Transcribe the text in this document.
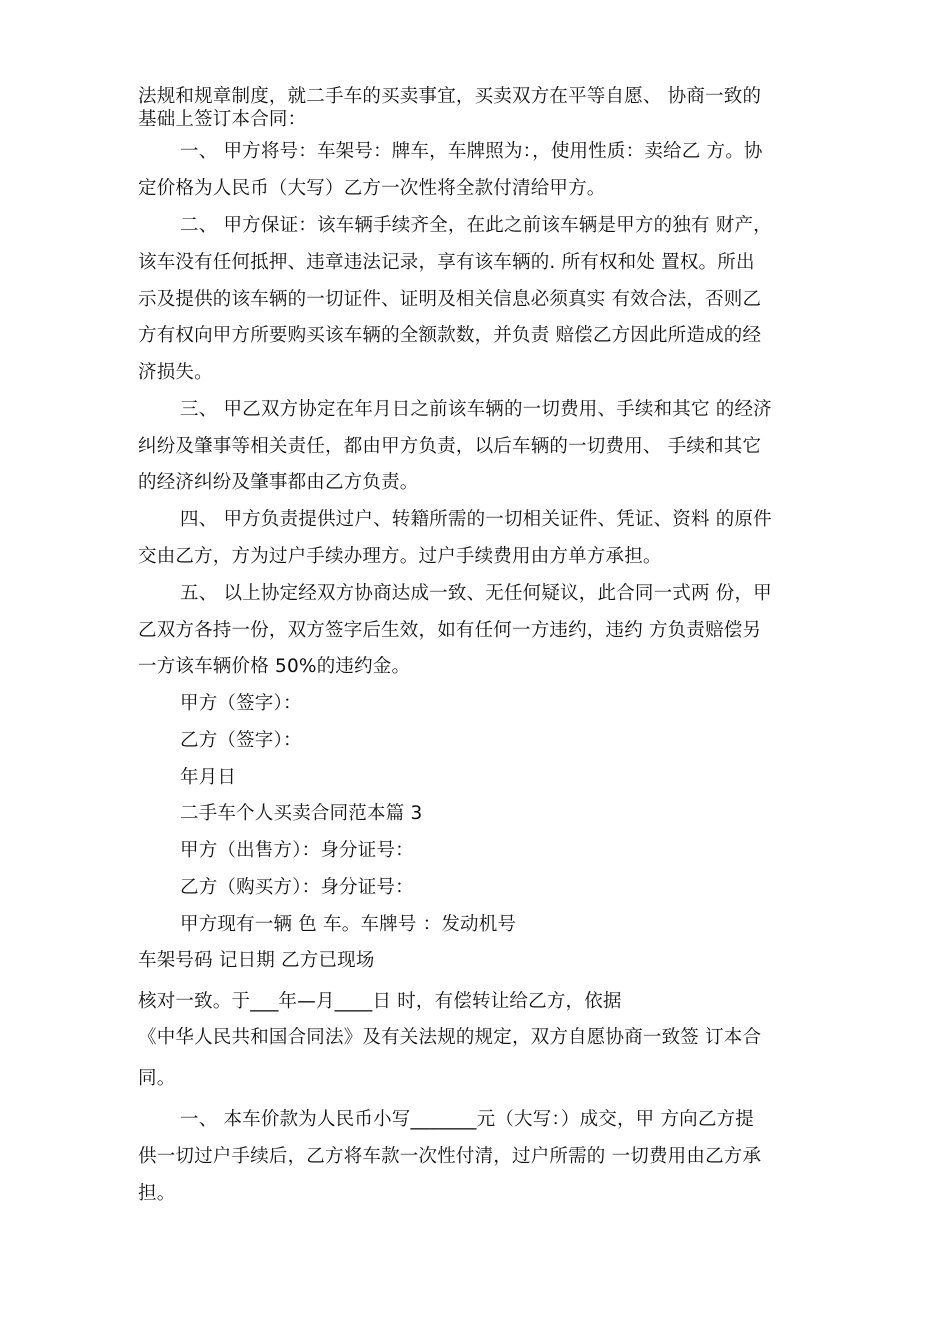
法规和规章制度，就二手车的买卖事宜，买卖双方在平等自愿、 协商一致的
基础上签订本合同：
一、 甲方将号：车架号：牌车，车牌照为：，使用性质：卖给乙 方。协
定价格为人民币（大写）乙方一次性将全款付清给甲方。
二、 甲方保证：该车辆手续齐全，在此之前该车辆是甲方的独有 财产，
该车没有任何抵押、违章违法记录，享有该车辆的. 所有权和处 置权。所出
示及提供的该车辆的一切证件、证明及相关信息必须真实 有效合法，否则乙
方有权向甲方所要购买该车辆的全额款数，并负责 赔偿乙方因此所造成的经
济损失。
三、 甲乙双方协定在年月日之前该车辆的一切费用、手续和其它 的经济
纠纷及肇事等相关责任，都由甲方负责，以后车辆的一切费用、 手续和其它
的经济纠纷及肇事都由乙方负责。
四、 甲方负责提供过户、转籍所需的一切相关证件、凭证、资料 的原件
交由乙方，方为过户手续办理方。过户手续费用由方单方承担。
五、 以上协定经双方协商达成一致、无任何疑议，此合同一式两 份，甲
乙双方各持一份，双方签字后生效，如有任何一方违约，违约 方负责赔偿另
一方该车辆价格 50%的违约金。
甲方（签字）：
乙方（签字）：
年月日
二手车个人买卖合同范本篇 3
甲方（出售方）：身分证号：
乙方（购买方）：身分证号：
甲方现有一辆 色 车。车牌号 ：发动机号
车架号码 记日期 乙方已现场
核对一致。于___年—月____日 时，有偿转让给乙方，依据
《中华人民共和国合同法》及有关法规的规定，双方自愿协商一致签 订本合
同。
一、 本车价款为人民币小写_______元（大写：）成交，甲 方向乙方提
供一切过户手续后，乙方将车款一次性付清，过户所需的 一切费用由乙方承
担。
